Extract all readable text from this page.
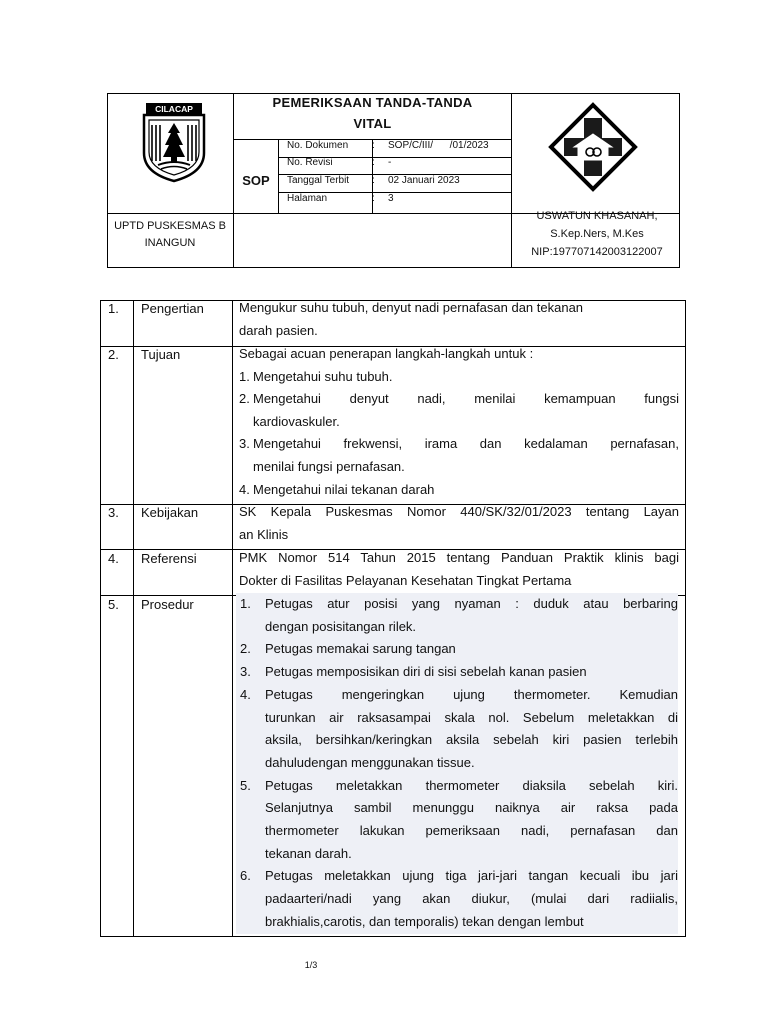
CILACAP	PEMERIKSAAN TANDA-TANDA
VITAL
SOP
No. Dokumen : SOP/C/III/      /01/2023
No. Revisi	: -
Tanggal Terbit : 02 Januari 2023
Halaman	: 3
UPTD PUSKESMAS B
INANGUN
USWATUN KHASANAH,
S.Kep.Ners, M.Kes
NIP:197707142003122007
1. Pengertian	Mengukur suhu tubuh, denyut nadi pernafasan dan tekanan
darah pasien.
2. Tujuan	Sebagai acuan penerapan langkah-langkah untuk :
1. Mengetahui suhu tubuh.
2. Mengetahui denyut nadi, menilai kemampuan fungsi
kardiovaskuler.
3. Mengetahui frekwensi, irama dan kedalaman pernafasan,
menilai fungsi pernafasan.
4. Mengetahui nilai tekanan darah
3. Kebijakan	SK Kepala Puskesmas Nomor 440/SK/32/01/2023 tentang Layan
an Klinis
4. Referensi	PMK Nomor 514 Tahun 2015 tentang Panduan Praktik klinis bagi
Dokter di Fasilitas Pelayanan Kesehatan Tingkat Pertama
5. Prosedur	1. Petugas atur posisi yang nyaman : duduk atau berbaring
dengan posisitangan rilek.
2. Petugas memakai sarung tangan
3. Petugas memposisikan diri di sisi sebelah kanan pasien
4. Petugas mengeringkan ujung thermometer. Kemudian
turunkan air raksasampai skala nol. Sebelum meletakkan di
aksila, bersihkan/keringkan aksila sebelah kiri pasien terlebih
dahuludengan menggunakan tissue.
5. Petugas meletakkan thermometer diaksila sebelah kiri.
Selanjutnya sambil menunggu naiknya air raksa pada
thermometer lakukan pemeriksaan nadi, pernafasan dan
tekanan darah.
6. Petugas meletakkan ujung tiga jari-jari tangan kecuali ibu jari
padaarteri/nadi yang akan diukur, (mulai dari radiialis,
brakhialis,carotis, dan temporalis) tekan dengan lembut
1/3
